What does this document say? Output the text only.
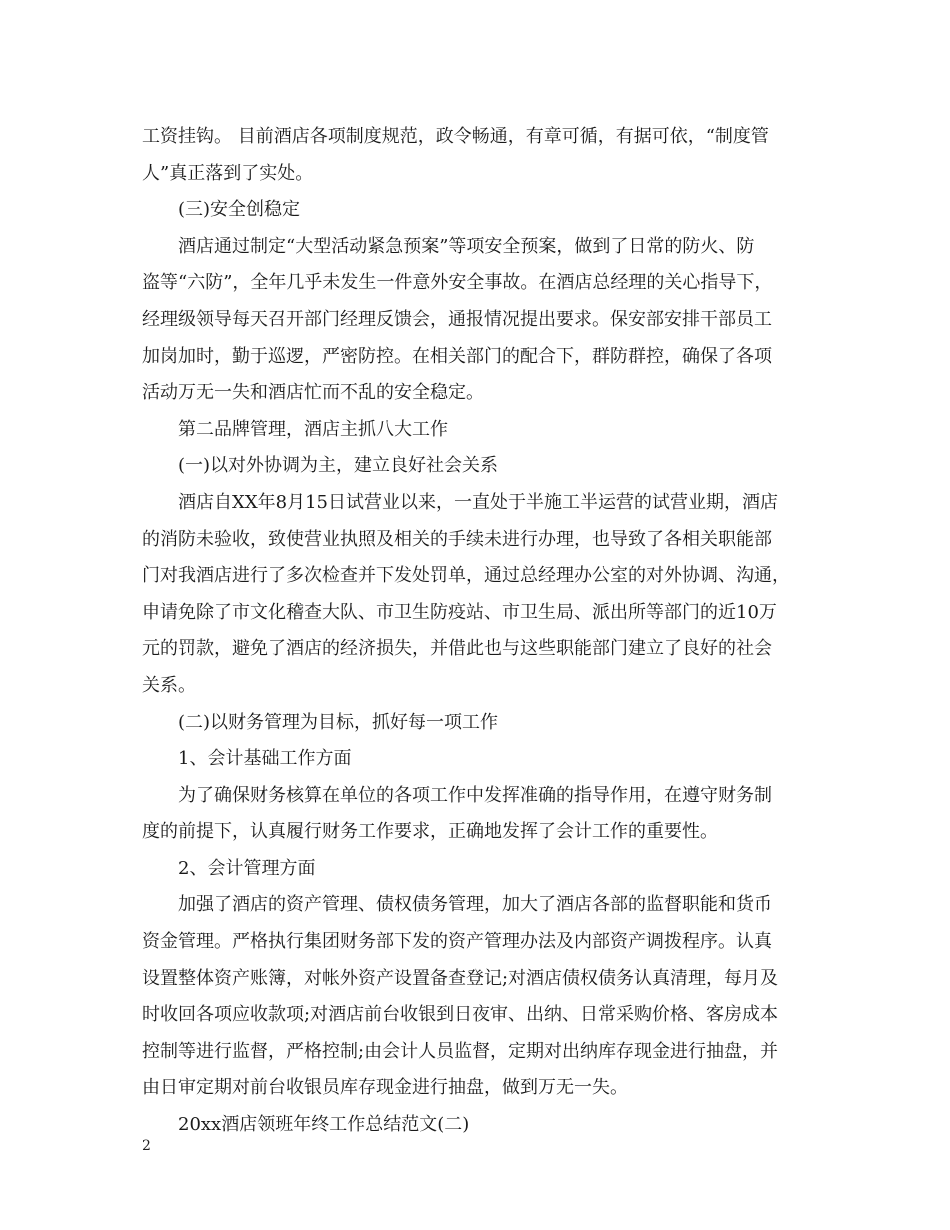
工资挂钩。 目前酒店各项制度规范，政令畅通，有章可循，有据可依，“制度管
人”真正落到了实处。
(三)安全创稳定
酒店通过制定“大型活动紧急预案”等项安全预案，做到了日常的防火、防
盗等“六防”，全年几乎未发生一件意外安全事故。在酒店总经理的关心指导下，
经理级领导每天召开部门经理反馈会，通报情况提出要求。保安部安排干部员工
加岗加时，勤于巡逻，严密防控。在相关部门的配合下，群防群控，确保了各项
活动万无一失和酒店忙而不乱的安全稳定。
第二品牌管理，酒店主抓八大工作
(一)以对外协调为主，建立良好社会关系
酒店自XX年8月15日试营业以来，一直处于半施工半运营的试营业期，酒店
的消防未验收，致使营业执照及相关的手续未进行办理，也导致了各相关职能部
门对我酒店进行了多次检查并下发处罚单，通过总经理办公室的对外协调、沟通，
申请免除了市文化稽查大队、市卫生防疫站、市卫生局、派出所等部门的近10万
元的罚款，避免了酒店的经济损失，并借此也与这些职能部门建立了良好的社会
关系。
(二)以财务管理为目标，抓好每一项工作
1、会计基础工作方面
为了确保财务核算在单位的各项工作中发挥准确的指导作用，在遵守财务制
度的前提下，认真履行财务工作要求，正确地发挥了会计工作的重要性。
2、会计管理方面
加强了酒店的资产管理、债权债务管理，加大了酒店各部的监督职能和货币
资金管理。严格执行集团财务部下发的资产管理办法及内部资产调拨程序。认真
设置整体资产账簿，对帐外资产设置备查登记;对酒店债权债务认真清理，每月及
时收回各项应收款项;对酒店前台收银到日夜审、出纳、日常采购价格、客房成本
控制等进行监督，严格控制;由会计人员监督，定期对出纳库存现金进行抽盘，并
由日审定期对前台收银员库存现金进行抽盘，做到万无一失。
20xx酒店领班年终工作总结范文(二)
2
